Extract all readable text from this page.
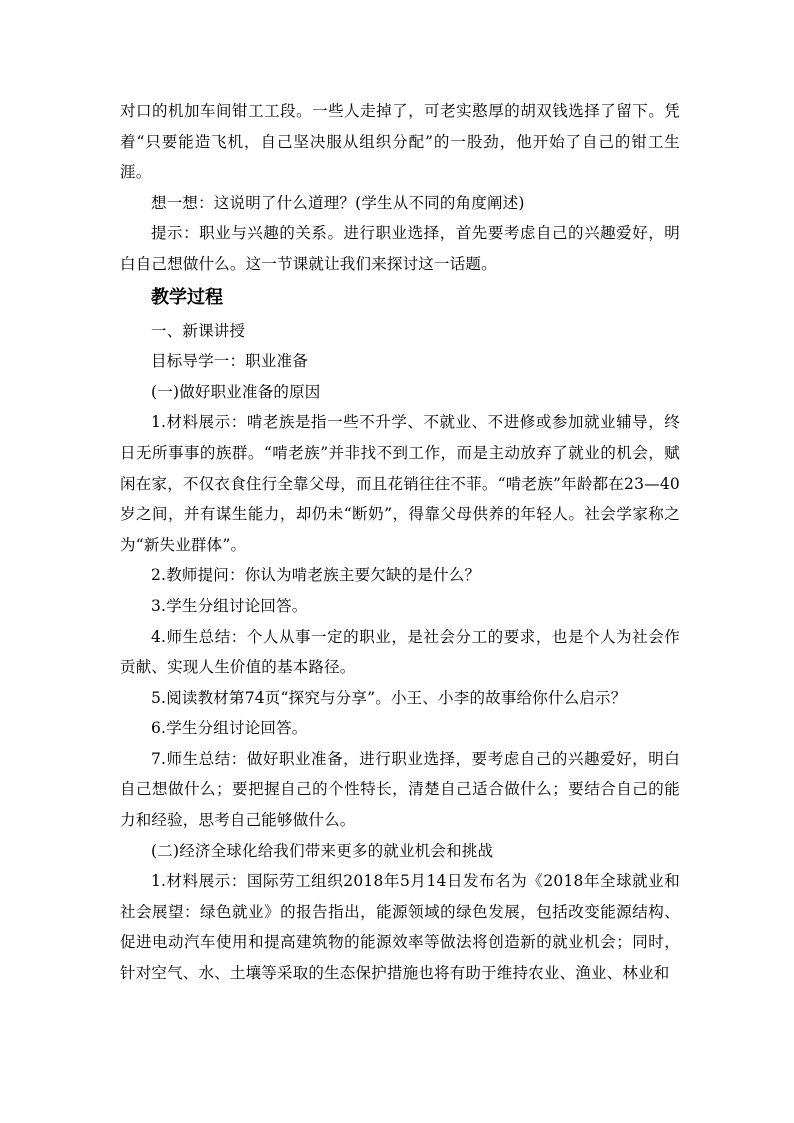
对口的机加车间钳工工段。一些人走掉了，可老实憨厚的胡双钱选择了留下。凭着“只要能造飞机，自己坚决服从组织分配”的一股劲，他开始了自己的钳工生涯。

想一想：这说明了什么道理？(学生从不同的角度阐述)

提示：职业与兴趣的关系。进行职业选择，首先要考虑自己的兴趣爱好，明白自己想做什么。这一节课就让我们来探讨这一话题。

教学过程

一、新课讲授

目标导学一：职业准备

(一)做好职业准备的原因

1.材料展示：啃老族是指一些不升学、不就业、不进修或参加就业辅导，终日无所事事的族群。“啃老族”并非找不到工作，而是主动放弃了就业的机会，赋闲在家，不仅衣食住行全靠父母，而且花销往往不菲。“啃老族”年龄都在23—40岁之间，并有谋生能力，却仍未“断奶”，得靠父母供养的年轻人。社会学家称之为“新失业群体”。

2.教师提问：你认为啃老族主要欠缺的是什么？

3.学生分组讨论回答。

4.师生总结：个人从事一定的职业，是社会分工的要求，也是个人为社会作贡献、实现人生价值的基本路径。

5.阅读教材第74页“探究与分享”。小王、小李的故事给你什么启示？

6.学生分组讨论回答。

7.师生总结：做好职业准备，进行职业选择，要考虑自己的兴趣爱好，明白自己想做什么；要把握自己的个性特长，清楚自己适合做什么；要结合自己的能力和经验，思考自己能够做什么。

(二)经济全球化给我们带来更多的就业机会和挑战

1.材料展示：国际劳工组织2018年5月14日发布名为《2018年全球就业和社会展望：绿色就业》的报告指出，能源领域的绿色发展，包括改变能源结构、促进电动汽车使用和提高建筑物的能源效率等做法将创造新的就业机会；同时，针对空气、水、土壤等采取的生态保护措施也将有助于维持农业、渔业、林业和
